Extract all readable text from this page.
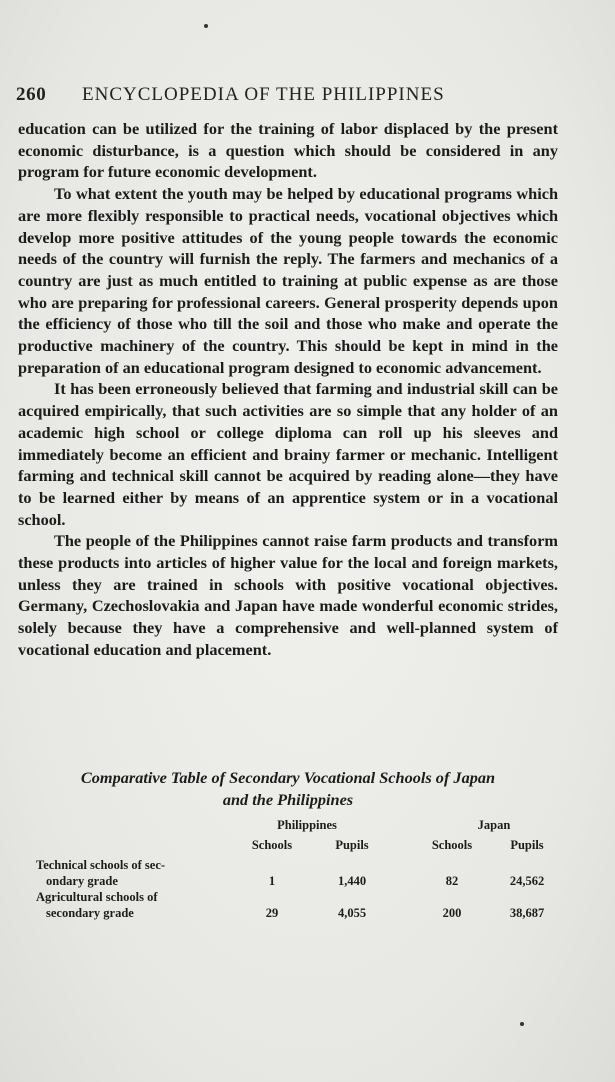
260 ENCYCLOPEDIA OF THE PHILIPPINES

education can be utilized for the training of labor displaced by the present economic disturbance, is a question which should be considered in any program for future economic development.

To what extent the youth may be helped by educational programs which are more flexibly responsible to practical needs, vocational objectives which develop more positive attitudes of the young people towards the economic needs of the country will furnish the reply. The farmers and mechanics of a country are just as much entitled to training at public expense as are those who are preparing for professional careers. General prosperity depends upon the efficiency of those who till the soil and those who make and operate the productive machinery of the country. This should be kept in mind in the preparation of an educational program designed to economic advancement.

It has been erroneously believed that farming and industrial skill can be acquired empirically, that such activities are so simple that any holder of an academic high school or college diploma can roll up his sleeves and immediately become an efficient and brainy farmer or mechanic. Intelligent farming and technical skill cannot be acquired by reading alone—they have to be learned either by means of an apprentice system or in a vocational school.

The people of the Philippines cannot raise farm products and transform these products into articles of higher value for the local and foreign markets, unless they are trained in schools with positive vocational objectives. Germany, Czechoslovakia and Japan have made wonderful economic strides, solely because they have a comprehensive and well-planned system of vocational education and placement.

Comparative Table of Secondary Vocational Schools of Japan
and the Philippines
Philippines	Japan
Schools	Pupils	Schools	Pupils
Technical schools of sec-
ondary grade	1	1,440	82	24,562
Agricultural schools of
secondary grade	29	4,055	200	38,687
